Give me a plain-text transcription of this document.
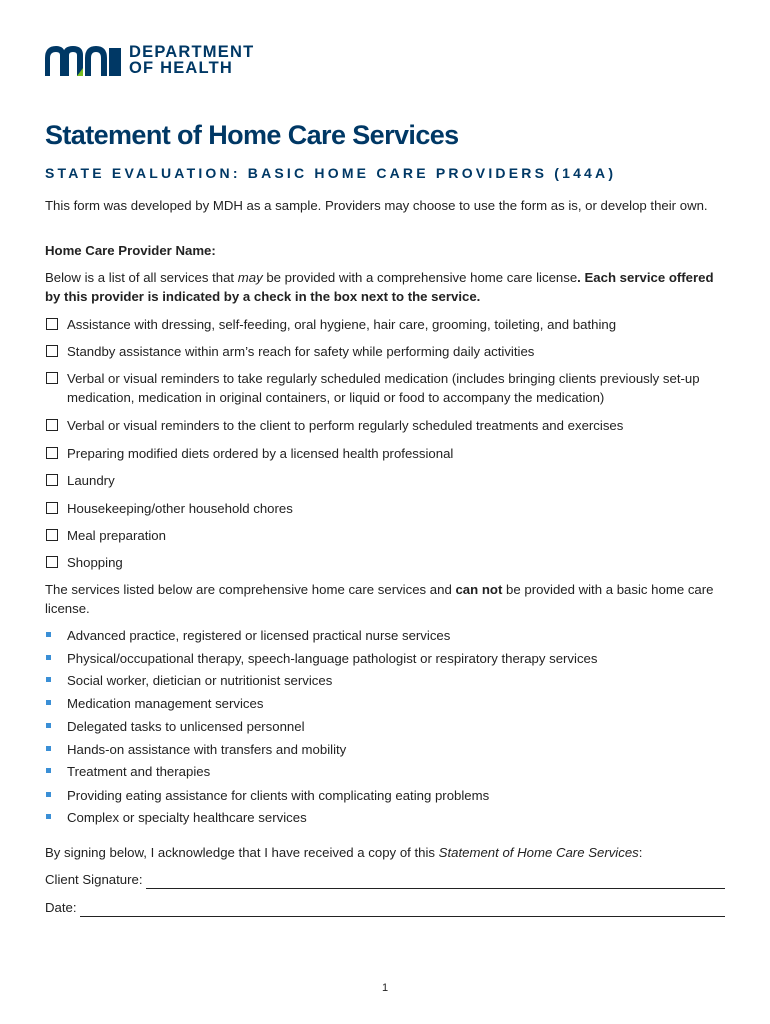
DEPARTMENT
OF HEALTH
Statement of Home Care Services
STATE EVALUATION: BASIC HOME CARE PROVIDERS (144A)

This form was developed by MDH as a sample. Providers may choose to use the form as is, or develop their own.

Home Care Provider Name:

Below is a list of all services that may be provided with a comprehensive home care license. Each service offered by this provider is indicated by a check in the box next to the service.

Assistance with dressing, self-feeding, oral hygiene, hair care, grooming, toileting, and bathing
Standby assistance within arm’s reach for safety while performing daily activities
Verbal or visual reminders to take regularly scheduled medication (includes bringing clients previously set-up medication, medication in original containers, or liquid or food to accompany the medication)
Verbal or visual reminders to the client to perform regularly scheduled treatments and exercises
Preparing modified diets ordered by a licensed health professional
Laundry
Housekeeping/other household chores
Meal preparation
Shopping

The services listed below are comprehensive home care services and can not be provided with a basic home care license.

Advanced practice, registered or licensed practical nurse services
Physical/occupational therapy, speech-language pathologist or respiratory therapy services
Social worker, dietician or nutritionist services
Medication management services
Delegated tasks to unlicensed personnel
Hands-on assistance with transfers and mobility
Treatment and therapies
Providing eating assistance for clients with complicating eating problems
Complex or specialty healthcare services

By signing below, I acknowledge that I have received a copy of this Statement of Home Care Services:

Client Signature:
Date:
1
